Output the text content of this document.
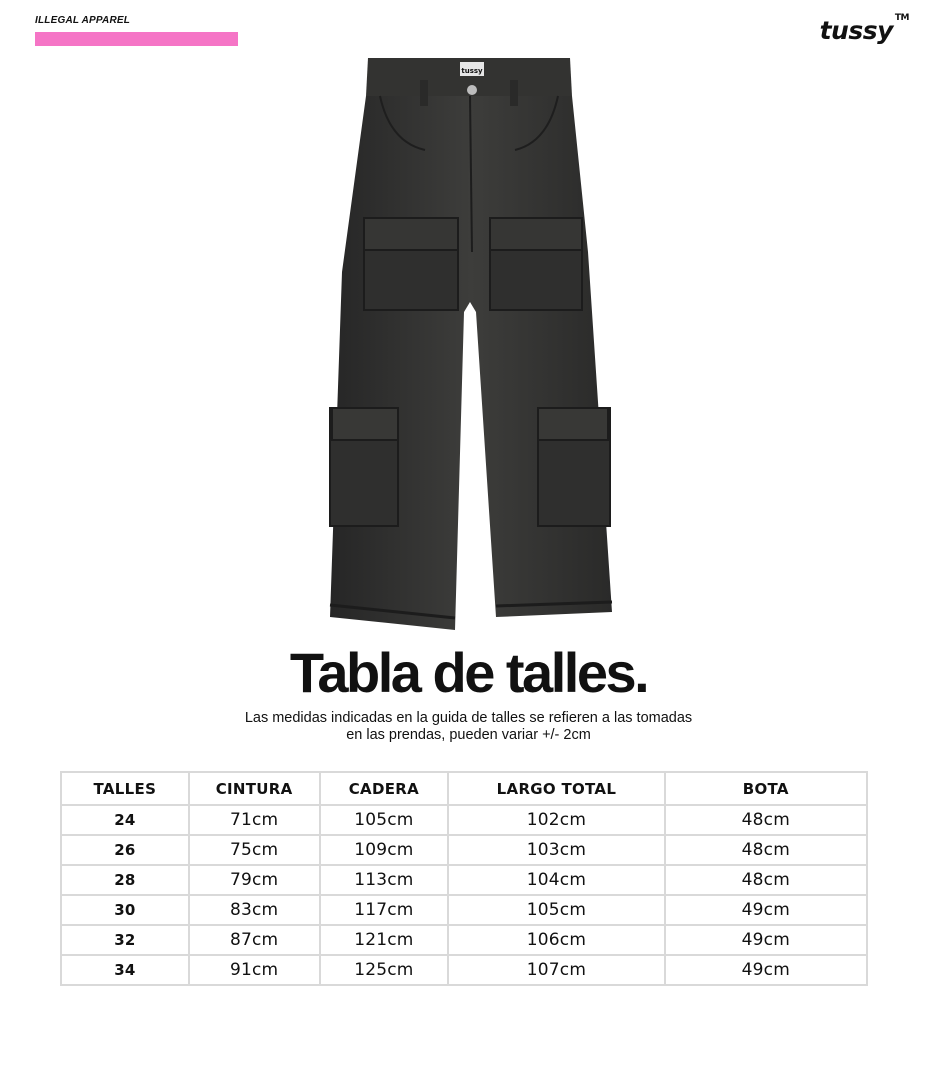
ILLEGAL APPAREL	tussy ™
tussy
Tabla de talles.
Las medidas indicadas en la guida de talles se refieren a las tomadas
en las prendas, pueden variar +/- 2cm
TALLES	CINTURA	CADERA	LARGO TOTAL	BOTA
24	71cm	105cm	102cm	48cm
26	75cm	109cm	103cm	48cm
28	79cm	113cm	104cm	48cm
30	83cm	117cm	105cm	49cm
32	87cm	121cm	106cm	49cm
34	91cm	125cm	107cm	49cm
